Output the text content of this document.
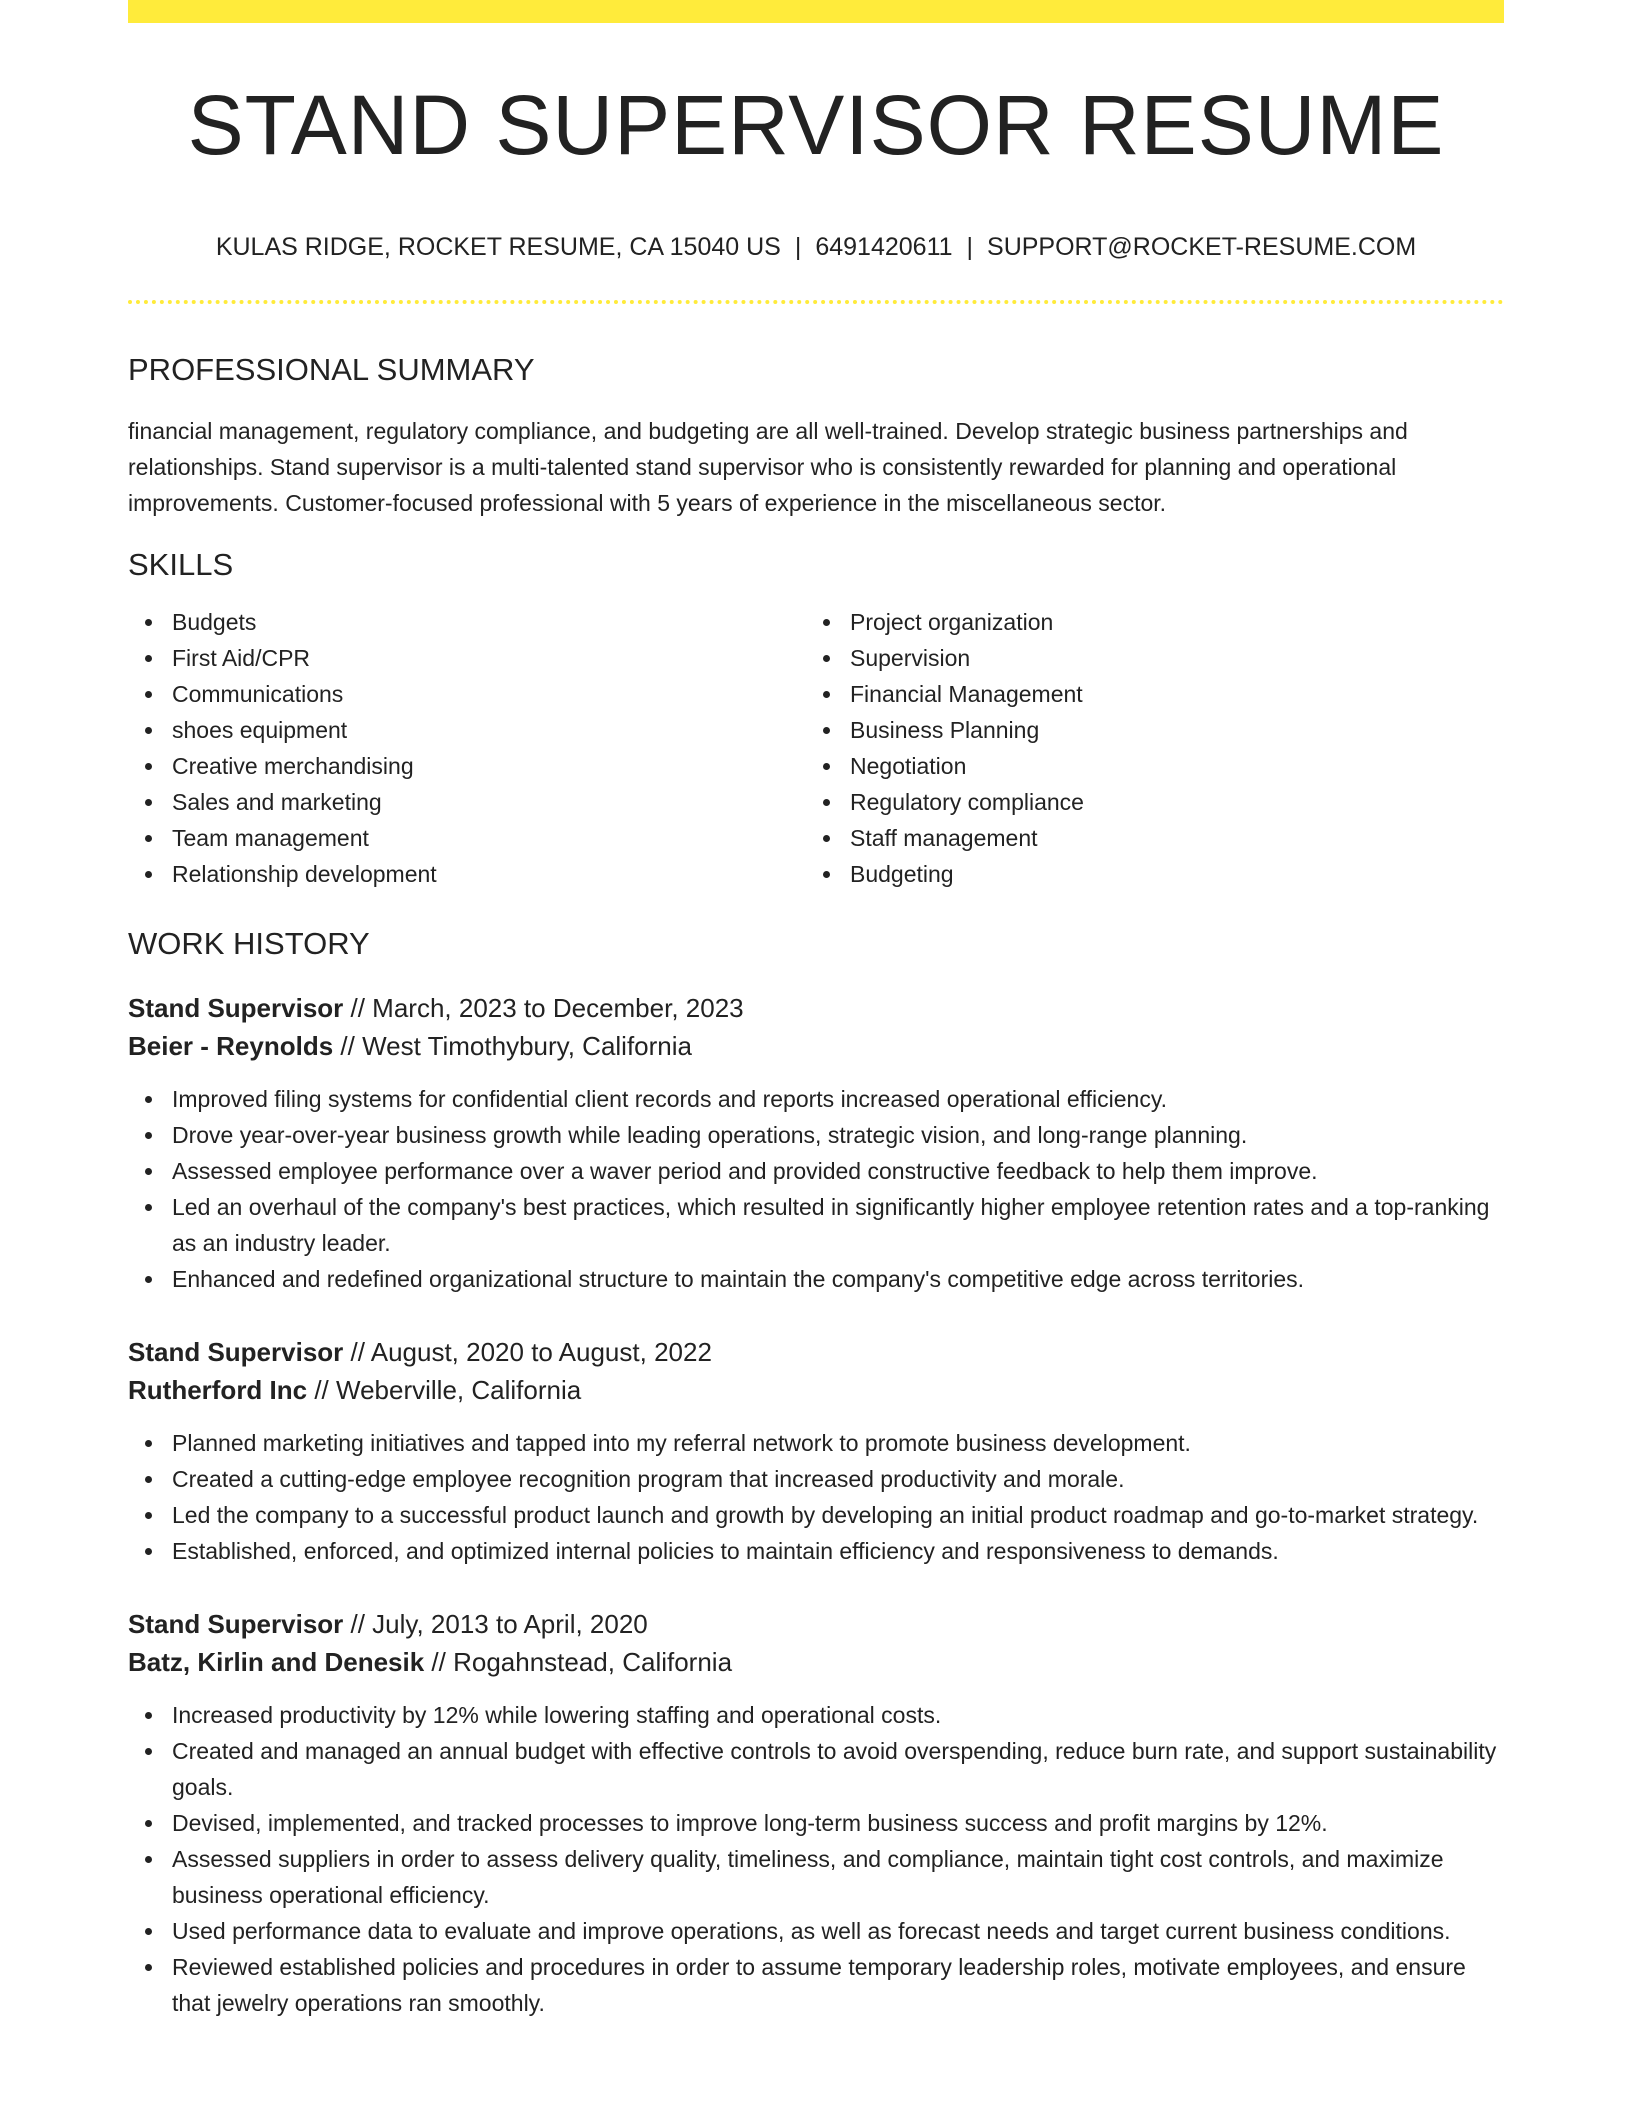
STAND SUPERVISOR RESUME
KULAS RIDGE, ROCKET RESUME, CA 15040 US | 6491420611 | SUPPORT@ROCKET-RESUME.COM
PROFESSIONAL SUMMARY

financial management, regulatory compliance, and budgeting are all well-trained. Develop strategic business partnerships and relationships. Stand supervisor is a multi-talented stand supervisor who is consistently rewarded for planning and operational improvements. Customer-focused professional with 5 years of experience in the miscellaneous sector.

SKILLS
Budgets
First Aid/CPR
Communications
shoes equipment
Creative merchandising
Sales and marketing
Team management
Relationship development
Project organization
Supervision
Financial Management
Business Planning
Negotiation
Regulatory compliance
Staff management
Budgeting
WORK HISTORY
Stand Supervisor // March, 2023 to December, 2023
Beier - Reynolds // West Timothybury, California
Improved filing systems for confidential client records and reports increased operational efficiency.
Drove year-over-year business growth while leading operations, strategic vision, and long-range planning.
Assessed employee performance over a waver period and provided constructive feedback to help them improve.
Led an overhaul of the company's best practices, which resulted in significantly higher employee retention rates and a top-ranking as an industry leader.
Enhanced and redefined organizational structure to maintain the company's competitive edge across territories.
Stand Supervisor // August, 2020 to August, 2022
Rutherford Inc // Weberville, California
Planned marketing initiatives and tapped into my referral network to promote business development.
Created a cutting-edge employee recognition program that increased productivity and morale.
Led the company to a successful product launch and growth by developing an initial product roadmap and go-to-market strategy.
Established, enforced, and optimized internal policies to maintain efficiency and responsiveness to demands.
Stand Supervisor // July, 2013 to April, 2020
Batz, Kirlin and Denesik // Rogahnstead, California
Increased productivity by 12% while lowering staffing and operational costs.
Created and managed an annual budget with effective controls to avoid overspending, reduce burn rate, and support sustainability goals.
Devised, implemented, and tracked processes to improve long-term business success and profit margins by 12%.
Assessed suppliers in order to assess delivery quality, timeliness, and compliance, maintain tight cost controls, and maximize business operational efficiency.
Used performance data to evaluate and improve operations, as well as forecast needs and target current business conditions.
Reviewed established policies and procedures in order to assume temporary leadership roles, motivate employees, and ensure that jewelry operations ran smoothly.
